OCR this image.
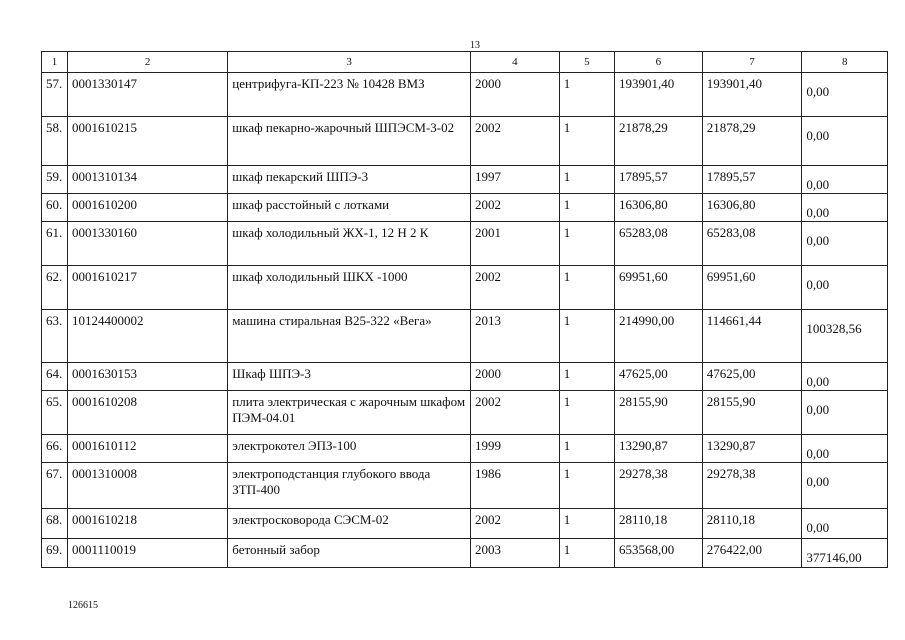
13
1	2	3	4	5	6	7	8
57.	0001330147	центрифуга-КП-223 № 10428 ВМЗ	2000	1	193901,40	193901,40	0,00
58.	0001610215	шкаф пекарно-жарочный ШПЭСМ-3-02	2002	1	21878,29	21878,29	0,00
59.	0001310134	шкаф пекарский ШПЭ-3	1997	1	17895,57	17895,57	0,00
60.	0001610200	шкаф расстойный с лотками	2002	1	16306,80	16306,80	0,00
61.	0001330160	шкаф холодильный ЖХ-1, 12 Н 2 К	2001	1	65283,08	65283,08	0,00
62.	0001610217	шкаф холодильный ШКХ -1000	2002	1	69951,60	69951,60	0,00
63.	10124400002	машина стиральная В25-322 «Вега»	2013	1	214990,00	114661,44	100328,56
64.	0001630153	Шкаф ШПЭ-3	2000	1	47625,00	47625,00	0,00
65.	0001610208	плита электрическая с жарочным шкафом ПЭМ-04.01	2002	1	28155,90	28155,90	0,00
66.	0001610112	электрокотел ЭПЗ-100	1999	1	13290,87	13290,87	0,00
67.	0001310008	электроподстанция глубокого ввода ЗТП-400	1986	1	29278,38	29278,38	0,00
68.	0001610218	электросковорода СЭСМ-02	2002	1	28110,18	28110,18	0,00
69.	0001110019	бетонный забор	2003	1	653568,00	276422,00	377146,00
126615
